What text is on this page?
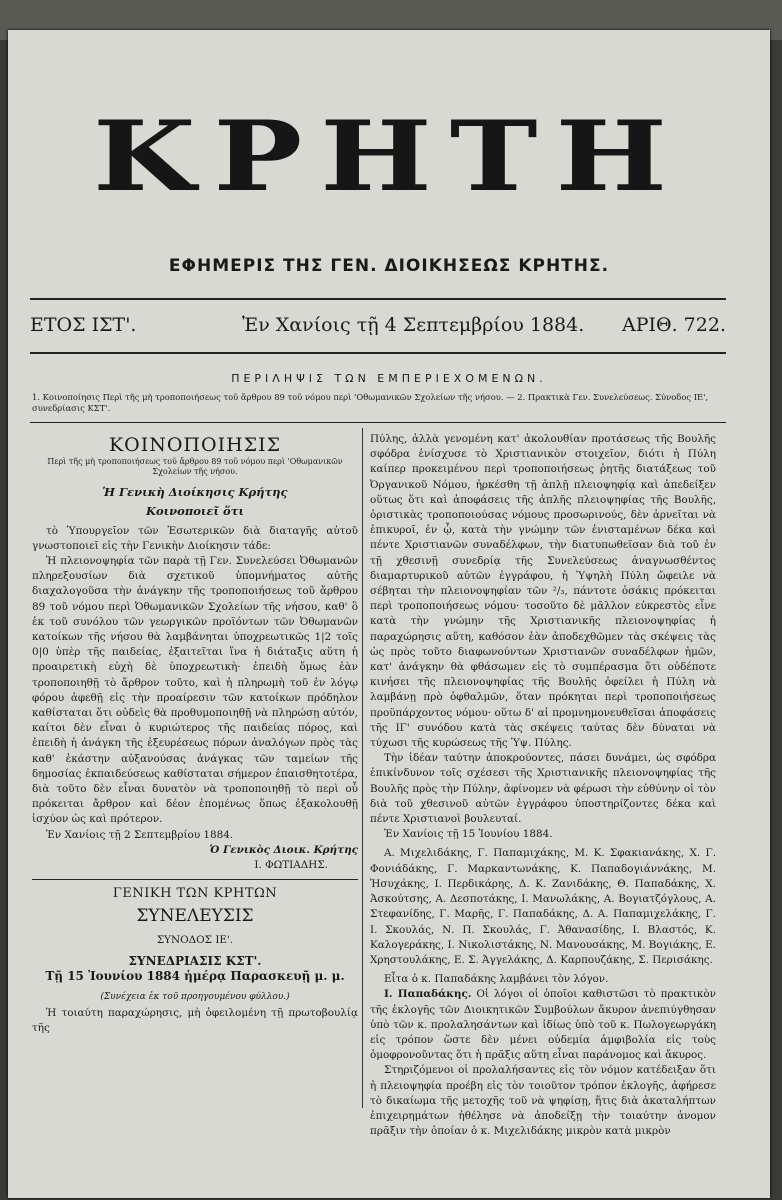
ΚΡΗΤΗ
ΕΦΗΜΕΡΙΣ ΤΗΣ ΓΕΝ. ΔΙΟΙΚΗΣΕΩΣ ΚΡΗΤΗΣ.
ΕΤΟΣ ΙΣΤ'.	Ἐν Χανίοις τῇ 4 Σεπτεμβρίου 1884. ΑΡΙΘ. 722.
ΠΕΡΙΛΗΨΙΣ ΤΩΝ ΕΜΠΕΡΙΕΧΟΜΕΝΩΝ.
1. Κοινοποίησις Περὶ τῆς μὴ τροποποιήσεως τοῦ ἄρθρου 89 τοῦ νόμου περὶ 'Οθωμανικῶν Σχολείων τῆς νήσου. — 2. Πρακτικὰ Γεν. Συνελεύσεως. Σύνοδος ΙΕ', συνεδρίασις ΚΣΤ'.

ΚΟΙΝΟΠΟΙΗΣΙΣ

Περὶ τῆς μὴ τροποποιήσεως τοῦ ἄρθρου 89 τοῦ νόμου περὶ 'Οθωμανικῶν Σχολείων τῆς νήσου.

Ἡ Γενικὴ Διοίκησις Κρήτης

Κοινοποιεῖ ὅτι

τὸ Ὑπουργεῖον τῶν Ἐσωτερικῶν διὰ διαταγῆς αὐτοῦ γνωστοποιεῖ εἰς τὴν Γενικὴν Διοίκησιν τάδε:

Ἡ πλειονοψηφία τῶν παρὰ τῇ Γεν. Συνελεύσει Ὀθωμανῶν πληρεξουσίων διὰ σχετικοῦ ὑπομνήματος αὐτῆς διαχαλογοῦσα τὴν ἀνάγκην τῆς τροποποιήσεως τοῦ ἄρθρου 89 τοῦ νόμου περὶ Ὀθωμανικῶν Σχολείων τῆς νήσου, καθ' ὃ ἐκ τοῦ συνόλου τῶν γεωργικῶν προϊόντων τῶν Ὀθωμανῶν κατοίκων τῆς νήσου θὰ λαμβάνηται ὑποχρεωτικῶς 1|2 τοῖς 0|0 ὑπὲρ τῆς παιδείας, ἐξαιτεῖται ἵνα ἡ διάταξις αὕτη ἡ προαιρετικὴ εὐχὴ δὲ ὑποχρεωτικὴ· ἐπειδὴ ὅμως ἐὰν τροποποιηθῇ τὸ ἄρθρον τοῦτο, καὶ ἡ πληρωμὴ τοῦ ἐν λόγῳ φόρου ἀφεθῇ εἰς τὴν προαίρεσιν τῶν κατοίκων πρόδηλον καθίσταται ὅτι οὐδεὶς θὰ προθυμοποιηθῇ νὰ πληρώσῃ αὐτόν, καίτοι δὲν εἶναι ὁ κυριώτερος τῆς παιδείας πόρος, καὶ ἐπειδὴ ἡ ἀνάγκη τῆς ἐξευρέσεως πόρων ἀναλόγων πρὸς τὰς καθ' ἑκάστην αὐξανούσας ἀνάγκας τῶν ταμείων τῆς δημοσίας ἐκπαιδεύσεως καθίσταται σήμερον ἐπαισθητοτέρα, διὰ τοῦτο δὲν εἶναι δυνατὸν νὰ τροποποιηθῇ τὸ περὶ οὗ πρόκειται ἄρθρον καὶ δέον ἑπομένως ὅπως ἐξακολουθῇ ἰσχύον ὡς καὶ πρότερον.

Ἐν Χανίοις τῇ 2 Σεπτεμβρίου 1884.

Ὁ Γενικὸς Διοικ. Κρήτης

Ι. ΦΩΤΙΑΔΗΣ.

ΓΕΝΙΚΗ ΤΩΝ ΚΡΗΤΩΝ

ΣΥΝΕΛΕΥΣΙΣ

ΣΥΝΟΔΟΣ ΙΕ'.

ΣΥΝΕΔΡΙΑΣΙΣ ΚΣΤ'.

Τῇ 15 Ἰουνίου 1884 ἡμέρᾳ Παρασκευῇ μ. μ.

(Συνέχεια ἐκ τοῦ προηγουμένου φύλλου.)

Ἡ τοιαύτη παραχώρησις, μὴ ὀφειλομένη τῇ πρωτοβουλίᾳ τῆς

Πύλης, ἀλλὰ γενομένη κατ' ἀκολουθίαν προτάσεως τῆς Βουλῆς σφόδρα ἐνίσχυσε τὸ Χριστιανικὸν στοιχεῖον, διότι ἡ Πύλη καίπερ προκειμένου περὶ τροποποιήσεως ῥητῆς διατάξεως τοῦ Ὀργανικοῦ Νόμου, ἠρκέσθη τῇ ἁπλῇ πλειοψηφίᾳ καὶ ἀπεδείξεν οὕτως ὅτι καὶ ἀποφάσεις τῆς ἁπλῆς πλειοψηφίας τῆς Βουλῆς, ὁριστικὰς τροποποιούσας νόμους προσωρινούς, δὲν ἀρνεῖται νὰ ἐπικυροῖ, ἐν ᾧ, κατὰ τὴν γνώμην τῶν ἐνισταμένων δέκα καὶ πέντε Χριστιανῶν συναδέλφων, τὴν διατυπωθεῖσαν διὰ τοῦ ἐν τῇ χθεσινῇ συνεδρίᾳ τῆς Συνελεύσεως ἀναγνωσθέντος διαμαρτυρικοῦ αὐτῶν ἐγγράφου, ἡ Ὑψηλὴ Πύλη ὤφειλε νὰ σέβηται τὴν πλειονοψηφίαν τῶν ²/₃, πάντοτε ὁσάκις πρόκειται περὶ τροποποιήσεως νόμου· τοσοῦτο δὲ μᾶλλον εὐκρεστὸς εἶνε κατὰ τὴν γνώμην τῆς Χριστιανικῆς πλειονοψηφίας ἡ παραχώρησις αὕτη, καθόσον ἐὰν ἀποδεχθῶμεν τὰς σκέψεις τὰς ὡς πρὸς τοῦτο διαφωνούντων Χριστιανῶν συναδέλφων ἡμῶν, κατ' ἀνάγκην θὰ φθάσωμεν εἰς τὸ συμπέρασμα ὅτι οὐδέποτε κινήσει τῆς πλειονοψηφίας τῆς Βουλῆς ὀφείλει ἡ Πύλη νὰ λαμβάνῃ πρὸ ὀφθαλμῶν, ὅταν πρόκηται περὶ τροποποιήσεως προϋπάρχοντος νόμου· οὕτω δ' αἱ προμνημονευθεῖσαι ἀποφάσεις τῆς ΙΓ' συνόδου κατὰ τὰς σκέψεις ταύτας δὲν δύναται νὰ τύχωσι τῆς κυρώσεως τῆς Ὑψ. Πύλης.

Τὴν ἰδέαν ταύτην ἀποκρούοντες, πάσει δυνάμει, ὡς σφόδρα ἐπικίνδυνον τοῖς σχέσεσι τῆς Χριστιανικῆς πλειονοψηφίας τῆς Βουλῆς πρὸς τὴν Πύλην, ἀφίνομεν νὰ φέρωσι τὴν εὐθύνην οἱ τὸν διὰ τοῦ χθεσινοῦ αὐτῶν ἐγγράφου ὑποστηρίζοντες δέκα καὶ πέντε Χριστιανοὶ βουλευταί.

Ἐν Χανίοις τῇ 15 Ἰουνίου 1884.

Α. Μιχελιδάκης, Γ. Παπαμιχάκης, Μ. Κ. Σφακιανάκης, Χ. Γ. Φονιάδάκης, Γ. Μαρκαντωνάκης, Κ. Παπαδογιάννάκης, Μ. Ἠσυχάκης, Ι. Περδικάρης, Δ. Κ. Ζανιδάκης, Θ. Παπαδάκης, Χ. Ἀσκούτσης, Α. Δεσποτάκης, Ι. Μανωλάκης, Α. Βογιατζόγλους, Α. Στεφανίδης, Γ. Μαρῆς, Γ. Παπαδάκης, Δ. Α. Παπαμιχελάκης, Γ. Ι. Σκουλάς, Ν. Π. Σκουλάς, Γ. Ἀθανασίδης, Ι. Βλαστός, Κ. Καλογεράκης, Ι. Νικολιστάκης, Ν. Μανουσάκης, Μ. Βογιάκης, Ε. Χρηστουλάκης, Ε. Σ. Ἀγγελάκης, Δ. Καρπουζάκης, Σ. Περισάκης.

Εἶτα ὁ κ. Παπαδάκης λαμβάνει τὸν λόγον.

Ι. Παπαδάκης. Οἱ λόγοι οἱ ὁποῖοι καθιστῶσι τὸ πρακτικὸν τῆς ἐκλογῆς τῶν Διοικητικῶν Συμβούλων ἄκυρον ἀνεπιύγθησαν ὑπὸ τῶν κ. προλαλησάντων καὶ ἰδίως ὑπὸ τοῦ κ. Πωλογεωργάκη εἰς τρόπον ὥστε δὲν μένει οὐδεμία ἀμφιβολία εἰς τοὺς ὁμοφρονοῦντας ὅτι ἡ πρᾶξις αὕτη εἶναι παράνομος καὶ ἄκυρος.

Στηριζόμενοι οἱ προλαλήσαντες εἰς τὸν νόμον κατέδειξαν ὅτι ἡ πλειοψηφία προέβη εἰς τὸν τοιοῦτον τρόπον ἐκλογῆς, ἀφήρεσε τὸ δικαίωμα τῆς μετοχῆς τοῦ νὰ ψηφίσῃ, ἥτις διὰ ἀκαταλήπτων ἐπιχειρημάτων ἠθέλησε νὰ ἀποδείξῃ τὴν τοιαύτην ἀνομον πρᾶξιν τὴν ὁποίαν ὁ κ. Μιχελιδάκης μικρὸν κατὰ μικρὸν
